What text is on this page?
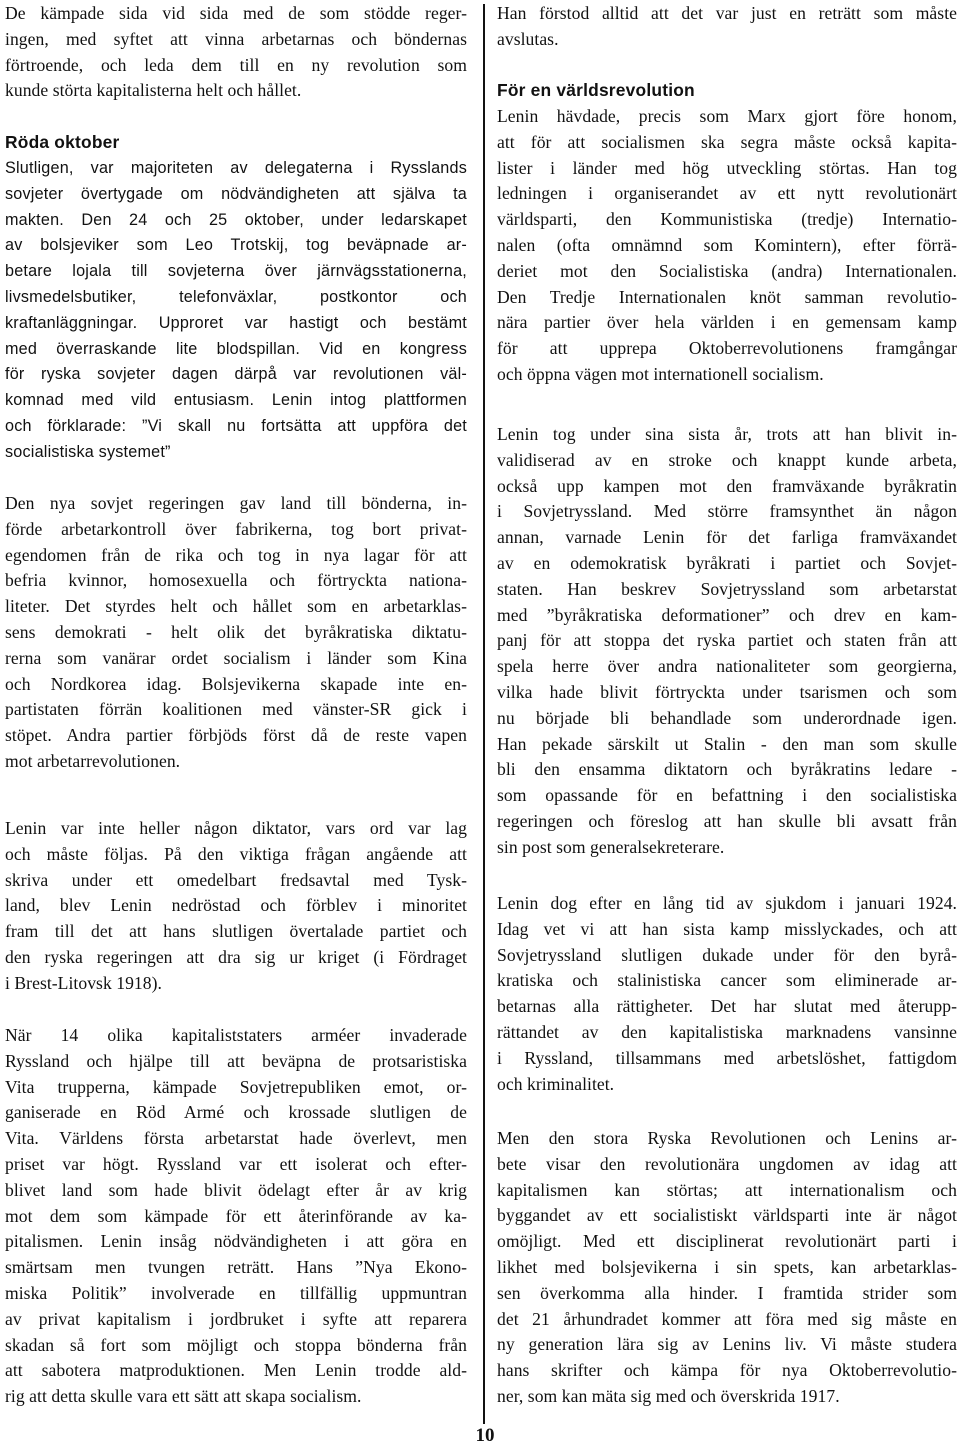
De kämpade sida vid sida med de som stödde reger-
ingen, med syftet att vinna arbetarnas och böndernas
förtroende, och leda dem till en ny revolution som
kunde störta kapitalisterna helt och hållet.
Röda oktober
Slutligen, var majoriteten av delegaterna i Rysslands
sovjeter övertygade om nödvändigheten att själva ta
makten. Den 24 och 25 oktober, under ledarskapet
av bolsjeviker som Leo Trotskij, tog beväpnade ar-
betare lojala till sovjeterna över järnvägsstationerna,
livsmedelsbutiker, telefonväxlar, postkontor och
kraftanläggningar. Upproret var hastigt och bestämt
med överraskande lite blodspillan. Vid en kongress
för ryska sovjeter dagen därpå var revolutionen väl-
komnad med vild entusiasm. Lenin intog plattformen
och förklarade: ”Vi skall nu fortsätta att uppföra det
socialistiska systemet”
Den nya sovjet regeringen gav land till bönderna, in-
förde arbetarkontroll över fabrikerna, tog bort privat-
egendomen från de rika och tog in nya lagar för att
befria kvinnor, homosexuella och förtryckta nationa-
liteter. Det styrdes helt och hållet som en arbetarklas-
sens demokrati - helt olik det byråkratiska diktatu-
rerna som vanärar ordet socialism i länder som Kina
och Nordkorea idag. Bolsjevikerna skapade inte en-
partistaten förrän koalitionen med vänster-SR gick i
stöpet. Andra partier förbjöds först då de reste vapen
mot arbetarrevolutionen.
Lenin var inte heller någon diktator, vars ord var lag
och måste följas. På den viktiga frågan angående att
skriva under ett omedelbart fredsavtal med Tysk-
land, blev Lenin nedröstad och förblev i minoritet
fram till det att hans slutligen övertalade partiet och
den ryska regeringen att dra sig ur kriget (i Fördraget
i Brest-Litovsk 1918).
När 14 olika kapitaliststaters arméer invaderade
Ryssland och hjälpe till att beväpna de protsaristiska
Vita trupperna, kämpade Sovjetrepubliken emot, or-
ganiserade en Röd Armé och krossade slutligen de
Vita. Världens första arbetarstat hade överlevt, men
priset var högt. Ryssland var ett isolerat och efter-
blivet land som hade blivit ödelagt efter år av krig
mot dem som kämpade för ett återinförande av ka-
pitalismen. Lenin insåg nödvändigheten i att göra en
smärtsam men tvungen reträtt. Hans ”Nya Ekono-
miska Politik” involverade en tillfällig uppmuntran
av privat kapitalism i jordbruket i syfte att reparera
skadan så fort som möjligt och stoppa bönderna från
att sabotera matproduktionen. Men Lenin trodde ald-
rig att detta skulle vara ett sätt att skapa socialism.
Han förstod alltid att det var just en reträtt som måste
avslutas.
För en världsrevolution
Lenin hävdade, precis som Marx gjort före honom,
att för att socialismen ska segra måste också kapita-
lister i länder med hög utveckling störtas. Han tog
ledningen i organiserandet av ett nytt revolutionärt
världsparti, den Kommunistiska (tredje) Internatio-
nalen (ofta omnämnd som Komintern), efter förrä-
deriet mot den Socialistiska (andra) Internationalen.
Den Tredje Internationalen knöt samman revolutio-
nära partier över hela världen i en gemensam kamp
för att upprepa Oktoberrevolutionens framgångar
och öppna vägen mot internationell socialism.
Lenin tog under sina sista år, trots att han blivit in-
validiserad av en stroke och knappt kunde arbeta,
också upp kampen mot den framväxande byråkratin
i Sovjetryssland. Med större framsynthet än någon
annan, varnade Lenin för det farliga framväxandet
av en odemokratisk byråkrati i partiet och Sovjet-
staten. Han beskrev Sovjetryssland som arbetarstat
med ”byråkratiska deformationer” och drev en kam-
panj för att stoppa det ryska partiet och staten från att
spela herre över andra nationaliteter som georgierna,
vilka hade blivit förtryckta under tsarismen och som
nu började bli behandlade som underordnade igen.
Han pekade särskilt ut Stalin - den man som skulle
bli den ensamma diktatorn och byråkratins ledare -
som opassande för en befattning i den socialistiska
regeringen och föreslog att han skulle bli avsatt från
sin post som generalsekreterare.
Lenin dog efter en lång tid av sjukdom i januari 1924.
Idag vet vi att han sista kamp misslyckades, och att
Sovjetryssland slutligen dukade under för den byrå-
kratiska och stalinistiska cancer som eliminerade ar-
betarnas alla rättigheter. Det har slutat med återupp-
rättandet av den kapitalistiska marknadens vansinne
i Ryssland, tillsammans med arbetslöshet, fattigdom
och kriminalitet.
Men den stora Ryska Revolutionen och Lenins ar-
bete visar den revolutionära ungdomen av idag att
kapitalismen kan störtas; att internationalism och
byggandet av ett socialistiskt världsparti inte är något
omöjligt. Med ett disciplinerat revolutionärt parti i
likhet med bolsjevikerna i sin spets, kan arbetarklas-
sen överkomma alla hinder. I framtida strider som
det 21 århundradet kommer att föra med sig måste en
ny generation lära sig av Lenins liv. Vi måste studera
hans skrifter och kämpa för nya Oktoberrevolutio-
ner, som kan mäta sig med och överskrida 1917.
10
